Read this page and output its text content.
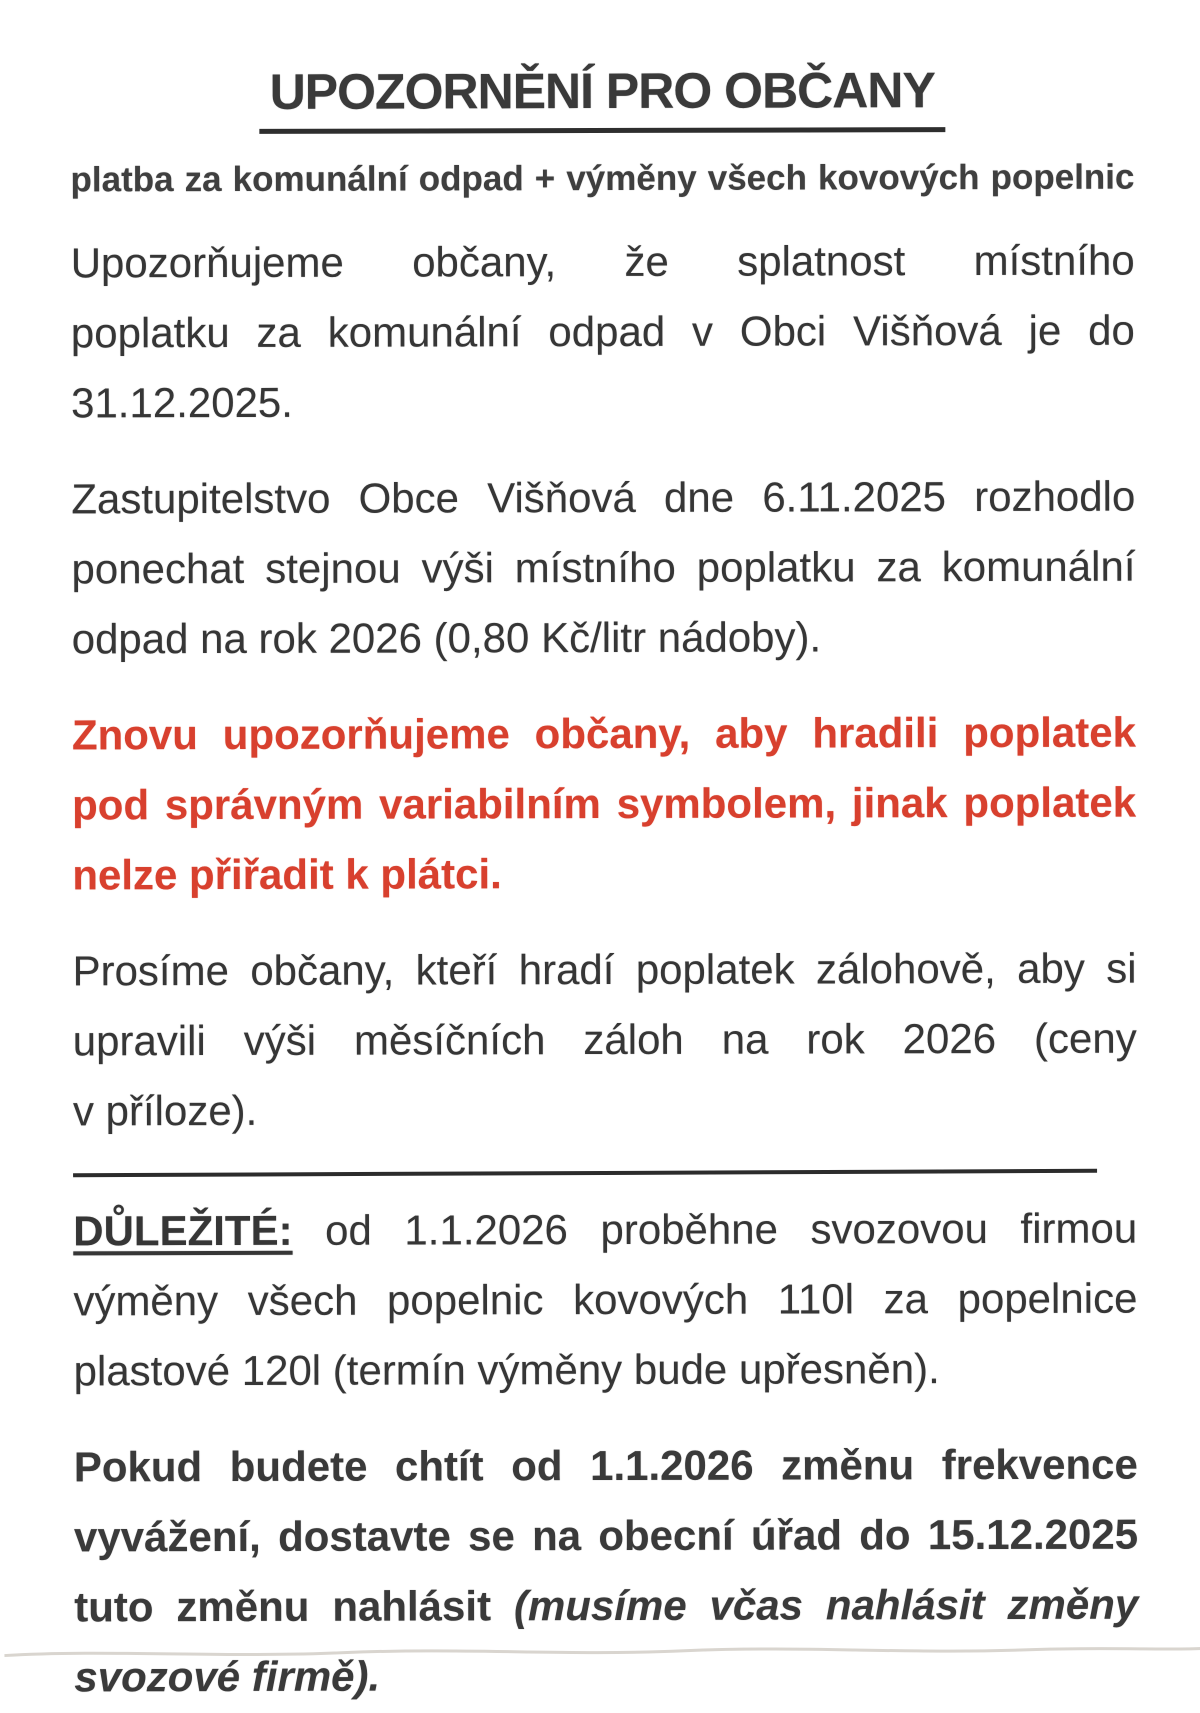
UPOZORNĚNÍ PRO OBČANY
platba za komunální odpad + výměny všech kovových popelnic
Upozorňujeme občany, že splatnost místního
poplatku za komunální odpad v Obci Višňová je do
31.12.2025.
Zastupitelstvo Obce Višňová dne 6.11.2025 rozhodlo
ponechat stejnou výši místního poplatku za komunální
odpad na rok 2026 (0,80 Kč/litr nádoby).
Znovu upozorňujeme občany, aby hradili poplatek
pod správným variabilním symbolem, jinak poplatek
nelze přiřadit k plátci.
Prosíme občany, kteří hradí poplatek zálohově, aby si
upravili výši měsíčních záloh na rok 2026 (ceny
v příloze).
DŮLEŽITÉ: od 1.1.2026 proběhne svozovou firmou
výměny všech popelnic kovových 110l za popelnice
plastové 120l (termín výměny bude upřesněn).
Pokud budete chtít od 1.1.2026 změnu frekvence
vyvážení, dostavte se na obecní úřad do 15.12.2025
tuto změnu nahlásit (musíme včas nahlásit změny
svozové firmě).
